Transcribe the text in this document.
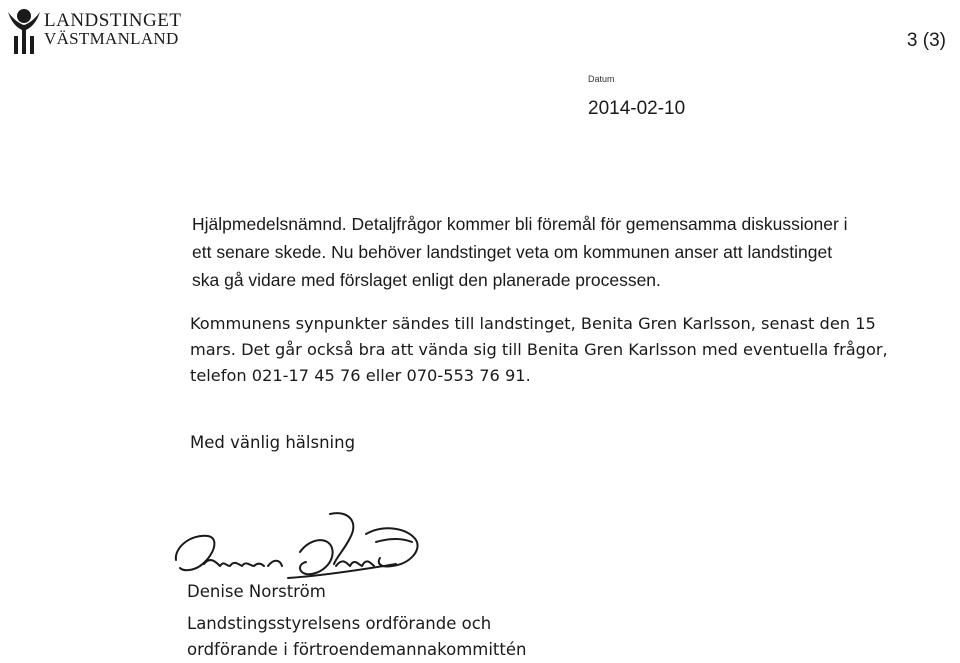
LANDSTINGET
VÄSTMANLAND	3 (3)
Datum
2014-02-10
Hjälpmedelsnämnd. Detaljfrågor kommer bli föremål för gemensamma diskussioner i
ett senare skede. Nu behöver landstinget veta om kommunen anser att landstinget
ska gå vidare med förslaget enligt den planerade processen.
Kommunens synpunkter sändes till landstinget, Benita Gren Karlsson, senast den 15
mars. Det går också bra att vända sig till Benita Gren Karlsson med eventuella frågor,
telefon 021-17 45 76 eller 070-553 76 91.
Med vänlig hälsning
Denise Norström
Landstingsstyrelsens ordförande och
ordförande i förtroendemannakommittén
